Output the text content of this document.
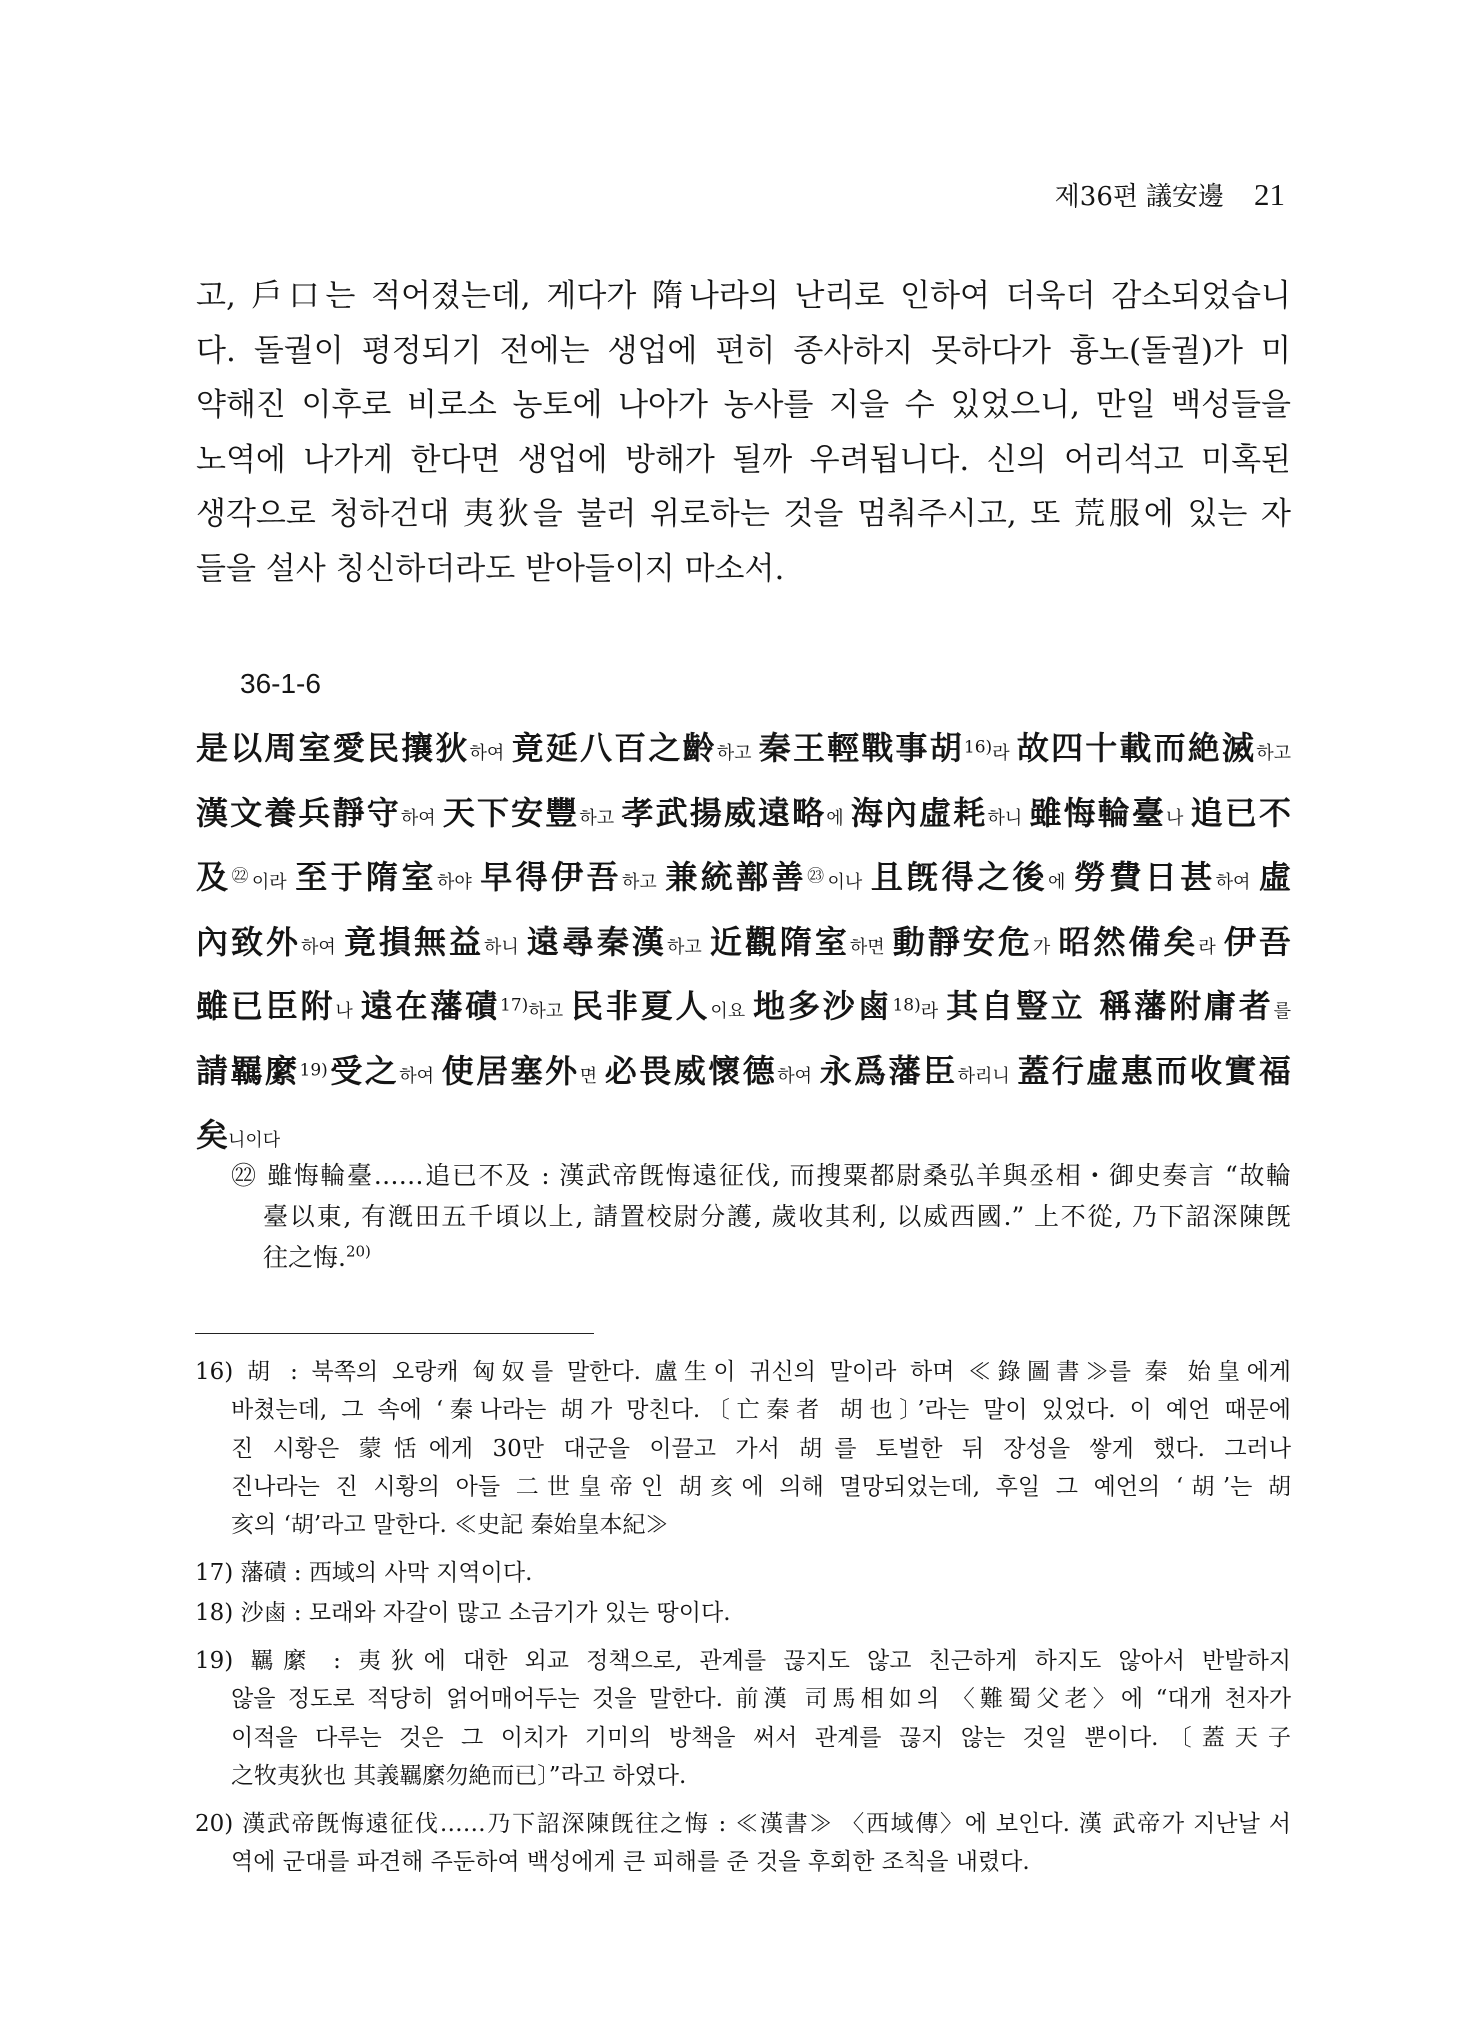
제36편 議安邊 21
고, 戶口는 적어졌는데, 게다가 隋나라의 난리로 인하여 더욱더 감소되었습니
다. 돌궐이 평정되기 전에는 생업에 편히 종사하지 못하다가 흉노(돌궐)가 미
약해진 이후로 비로소 농토에 나아가 농사를 지을 수 있었으니, 만일 백성들을
노역에 나가게 한다면 생업에 방해가 될까 우려됩니다. 신의 어리석고 미혹된
생각으로 청하건대 夷狄을 불러 위로하는 것을 멈춰주시고, 또 荒服에 있는 자
들을 설사 칭신하더라도 받아들이지 마소서.
36-1-6
是以周室愛民攘狄하여 竟延八百之齡하고 秦王輕戰事胡16)라 故四十載而絶滅하고
漢文養兵靜守하여 天下安豐하고 孝武揚威遠略에 海內虛耗하니 雖悔輪臺나 追已不
及㉒이라 至于隋室하야 早得伊吾하고 兼統鄯善㉓이나 且旣得之後에 勞費日甚하여 虛
內致外하여 竟損無益하니 遠尋秦漢하고 近觀隋室하면 動靜安危가 昭然備矣라 伊吾
雖已臣附나 遠在藩磧17)하고 民非夏人이요 地多沙鹵18)라 其自豎立 稱藩附庸者를
請羈縻19)受之하여 使居塞外면 必畏威懷德하여 永爲藩臣하리니 蓋行虛惠而收實福
矣니이다
㉒ 雖悔輪臺……追已不及 : 漢武帝旣悔遠征伐, 而搜粟都尉桑弘羊與丞相・御史奏言 “故輪
臺以東, 有漑田五千頃以上, 請置校尉分護, 歲收其利, 以威西國.” 上不從, 乃下詔深陳旣
往之悔.$^{20)}$
16) 胡 : 북쪽의 오랑캐 匈奴를 말한다. 盧生이 귀신의 말이라 하며 ≪錄圖書≫를 秦 始皇에게
바쳤는데, 그 속에 ‘秦나라는 胡가 망친다.〔亡秦者 胡也〕’라는 말이 있었다. 이 예언 때문에
진 시황은 蒙恬에게 30만 대군을 이끌고 가서 胡를 토벌한 뒤 장성을 쌓게 했다. 그러나
진나라는 진 시황의 아들 二世皇帝인 胡亥에 의해 멸망되었는데, 후일 그 예언의 ‘胡’는 胡
亥의 ‘胡’라고 말한다. ≪史記 秦始皇本紀≫
17) 藩磧 : 西域의 사막 지역이다.
18) 沙鹵 : 모래와 자갈이 많고 소금기가 있는 땅이다.
19) 羈縻 : 夷狄에 대한 외교 정책으로, 관계를 끊지도 않고 친근하게 하지도 않아서 반발하지
않을 정도로 적당히 얽어매어두는 것을 말한다. 前漢 司馬相如의 〈難蜀父老〉에 “대개 천자가
이적을 다루는 것은 그 이치가 기미의 방책을 써서 관계를 끊지 않는 것일 뿐이다.〔蓋天子
之牧夷狄也 其義羈縻勿絶而已〕”라고 하였다.
20) 漢武帝旣悔遠征伐……乃下詔深陳旣往之悔 : ≪漢書≫ 〈西域傳〉에 보인다. 漢 武帝가 지난날 서
역에 군대를 파견해 주둔하여 백성에게 큰 피해를 준 것을 후회한 조칙을 내렸다.
